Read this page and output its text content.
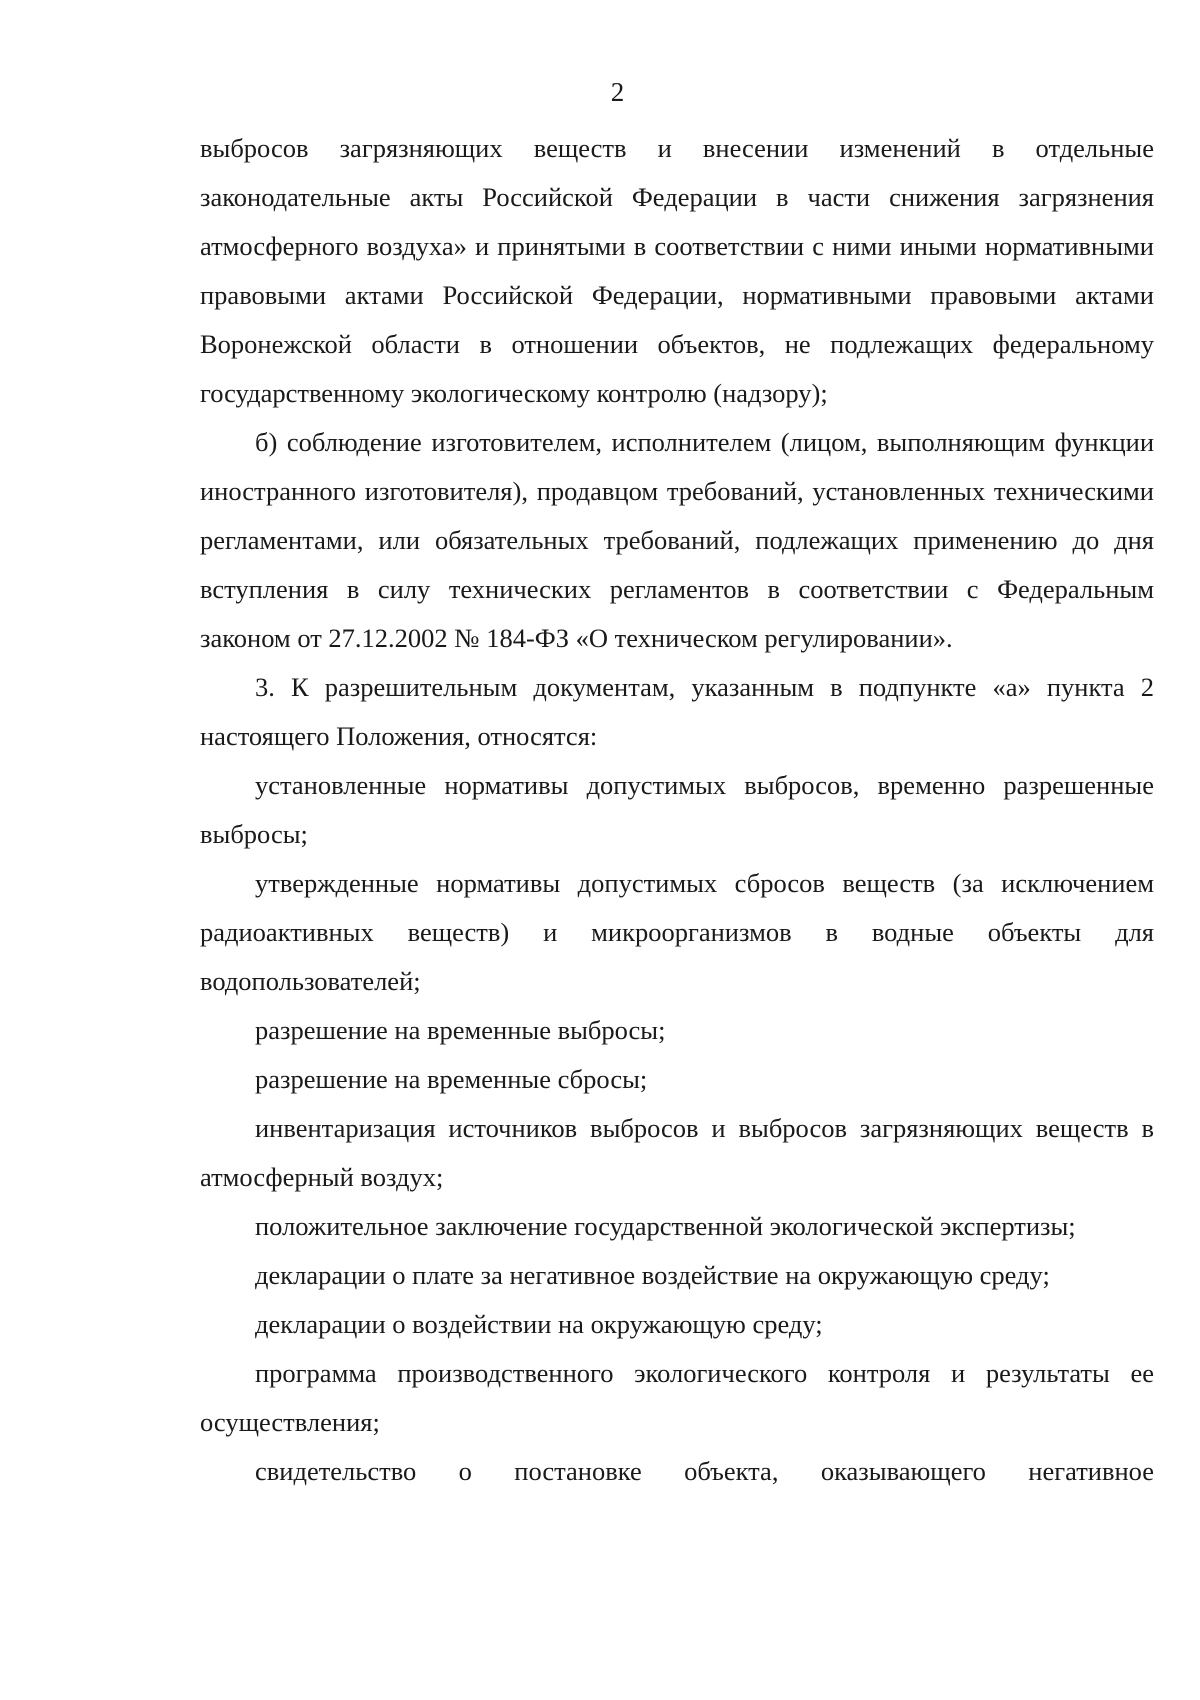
2

выбросов загрязняющих веществ и внесении изменений в отдельные законодательные акты Российской Федерации в части снижения загрязнения атмосферного воздуха» и принятыми в соответствии с ними иными нормативными правовыми актами Российской Федерации, нормативными правовыми актами Воронежской области в отношении объектов, не подлежащих федеральному государственному экологическому контролю (надзору);

б) соблюдение изготовителем, исполнителем (лицом, выполняющим функции иностранного изготовителя), продавцом требований, установленных техническими регламентами, или обязательных требований, подлежащих применению до дня вступления в силу технических регламентов в соответствии с Федеральным законом от 27.12.2002 № 184-ФЗ «О техническом регулировании».

3. К разрешительным документам, указанным в подпункте «а» пункта 2 настоящего Положения, относятся:

установленные нормативы допустимых выбросов, временно разрешенные выбросы;

утвержденные нормативы допустимых сбросов веществ (за исключением радиоактивных веществ) и микроорганизмов в водные объекты для водопользователей;

разрешение на временные выбросы;

разрешение на временные сбросы;

инвентаризация источников выбросов и выбросов загрязняющих веществ в атмосферный воздух;

положительное заключение государственной экологической экспертизы;

декларации о плате за негативное воздействие на окружающую среду;

декларации о воздействии на окружающую среду;

программа производственного экологического контроля и результаты ее осуществления;

свидетельство о постановке объекта, оказывающего негативное
